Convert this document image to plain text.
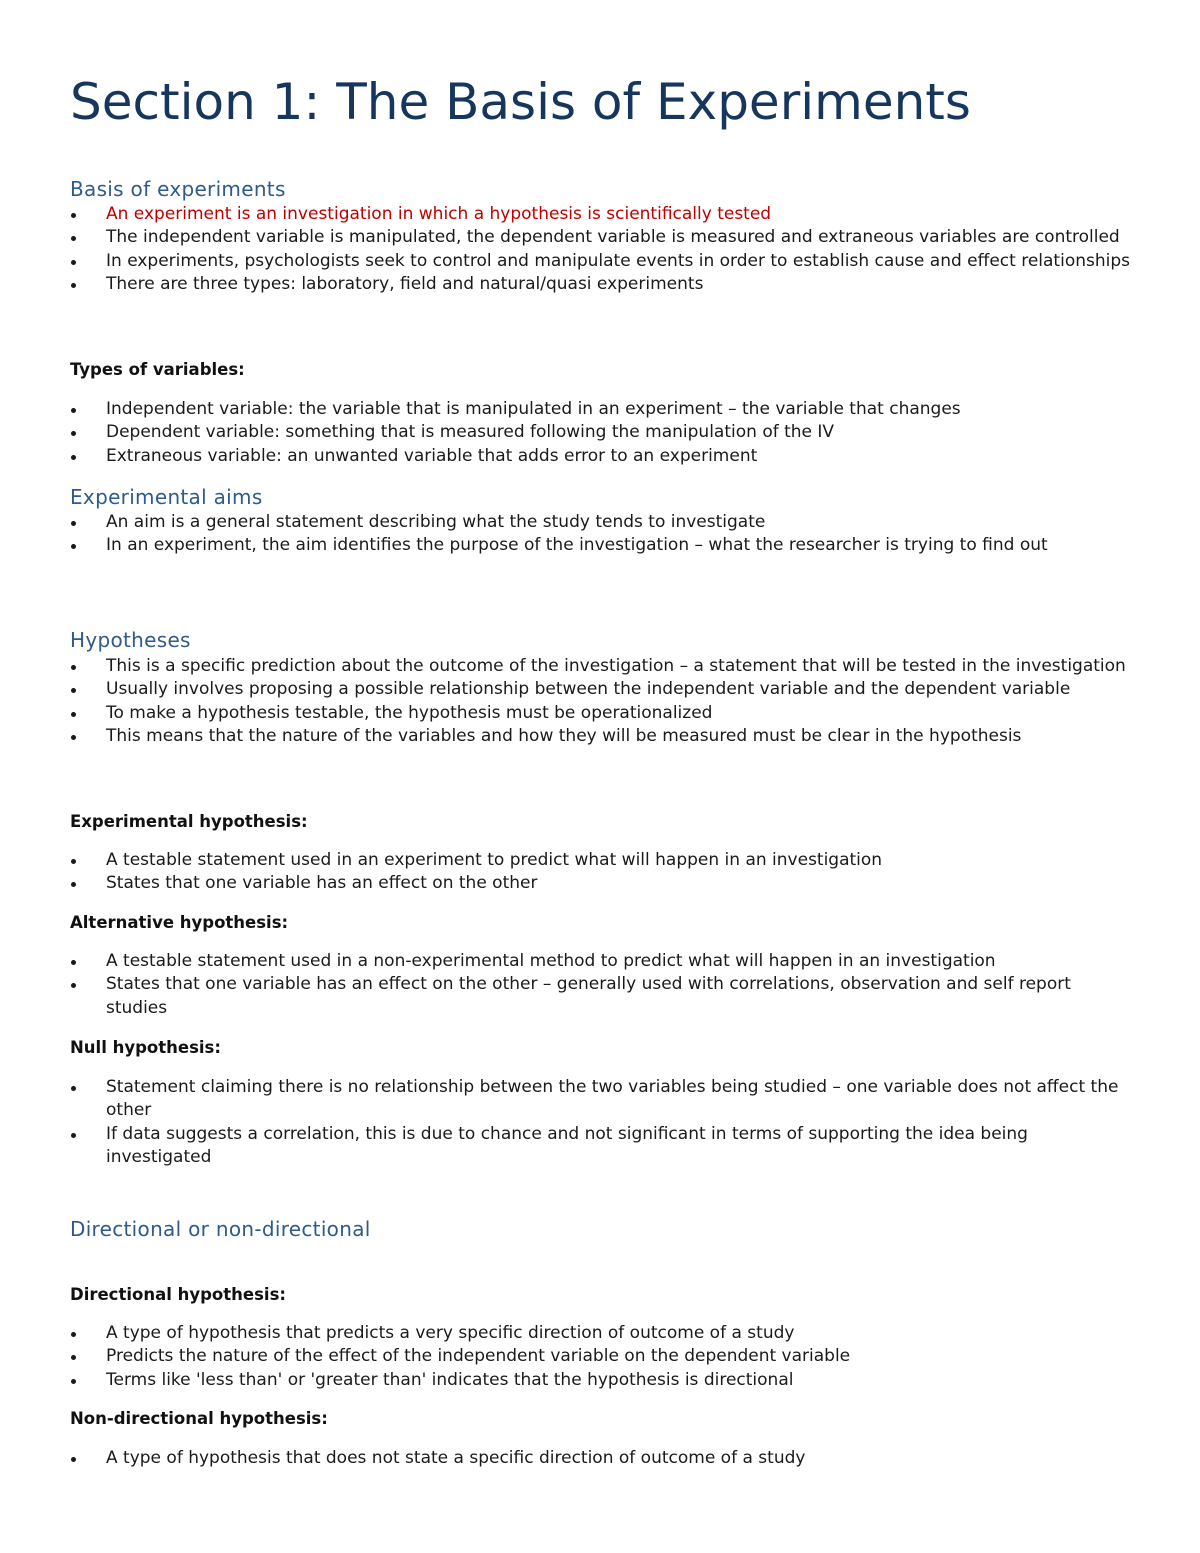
Section 1: The Basis of Experiments
Basis of experiments
An experiment is an investigation in which a hypothesis is scientifically tested
The independent variable is manipulated, the dependent variable is measured and extraneous variables are controlled
In experiments, psychologists seek to control and manipulate events in order to establish cause and effect relationships
There are three types: laboratory, field and natural/quasi experiments
Types of variables:
Independent variable: the variable that is manipulated in an experiment – the variable that changes
Dependent variable: something that is measured following the manipulation of the IV
Extraneous variable: an unwanted variable that adds error to an experiment
Experimental aims
An aim is a general statement describing what the study tends to investigate
In an experiment, the aim identifies the purpose of the investigation – what the researcher is trying to find out
Hypotheses
This is a specific prediction about the outcome of the investigation – a statement that will be tested in the investigation
Usually involves proposing a possible relationship between the independent variable and the dependent variable
To make a hypothesis testable, the hypothesis must be operationalized
This means that the nature of the variables and how they will be measured must be clear in the hypothesis
Experimental hypothesis:
A testable statement used in an experiment to predict what will happen in an investigation
States that one variable has an effect on the other
Alternative hypothesis:
A testable statement used in a non-experimental method to predict what will happen in an investigation
States that one variable has an effect on the other – generally used with correlations, observation and self report studies
Null hypothesis:
Statement claiming there is no relationship between the two variables being studied – one variable does not affect the other
If data suggests a correlation, this is due to chance and not significant in terms of supporting the idea being investigated
Directional or non-directional
Directional hypothesis:
A type of hypothesis that predicts a very specific direction of outcome of a study
Predicts the nature of the effect of the independent variable on the dependent variable
Terms like 'less than' or 'greater than' indicates that the hypothesis is directional
Non-directional hypothesis:
A type of hypothesis that does not state a specific direction of outcome of a study
